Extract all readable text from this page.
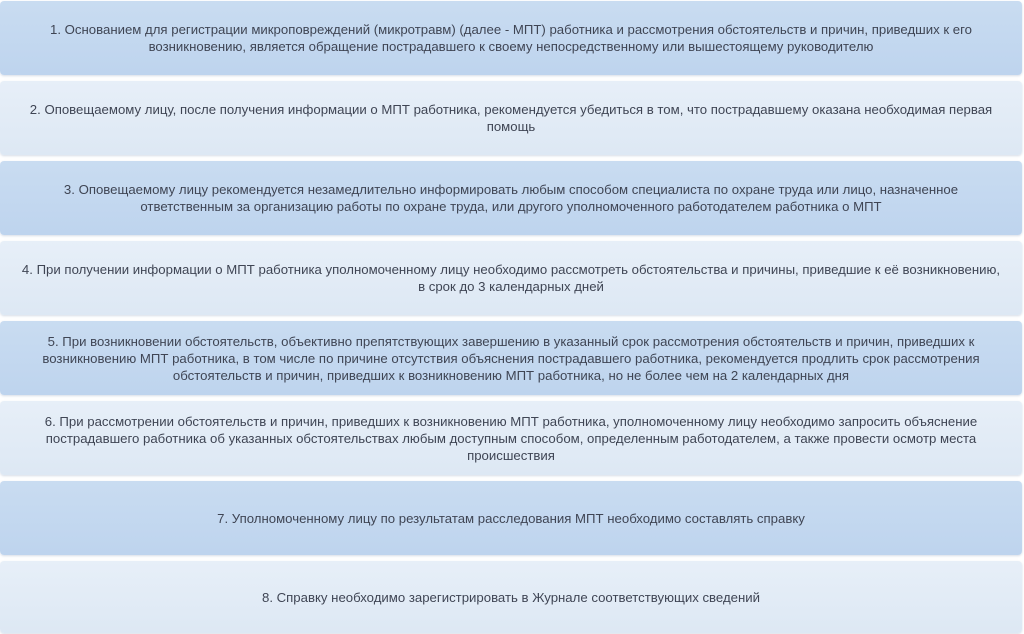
1. Основанием для регистрации микроповреждений (микротравм) (далее - МПТ) работника и рассмотрения обстоятельств и причин, приведших к его возникновению, является обращение пострадавшего к своему непосредственному или вышестоящему руководителю
2. Оповещаемому лицу, после получения информации о МПТ работника, рекомендуется убедиться в том, что пострадавшему оказана необходимая первая помощь
3. Оповещаемому лицу рекомендуется незамедлительно информировать любым способом специалиста по охране труда или лицо, назначенное ответственным за организацию работы по охране труда, или другого уполномоченного работодателем работника о МПТ
4. При получении информации о МПТ работника уполномоченному лицу необходимо рассмотреть обстоятельства и причины, приведшие к её возникновению, в срок до 3 календарных дней
5. При возникновении обстоятельств, объективно препятствующих завершению в указанный срок рассмотрения обстоятельств и причин, приведших к возникновению МПТ работника, в том числе по причине отсутствия объяснения пострадавшего работника, рекомендуется продлить срок рассмотрения обстоятельств и причин, приведших к возникновению МПТ работника, но не более чем на 2 календарных дня
6. При рассмотрении обстоятельств и причин, приведших к возникновению МПТ работника, уполномоченному лицу необходимо запросить объяснение пострадавшего работника об указанных обстоятельствах любым доступным способом, определенным работодателем, а также провести осмотр места происшествия
7. Уполномоченному лицу по результатам расследования МПТ необходимо составлять справку
8. Справку необходимо зарегистрировать в Журнале соответствующих сведений
